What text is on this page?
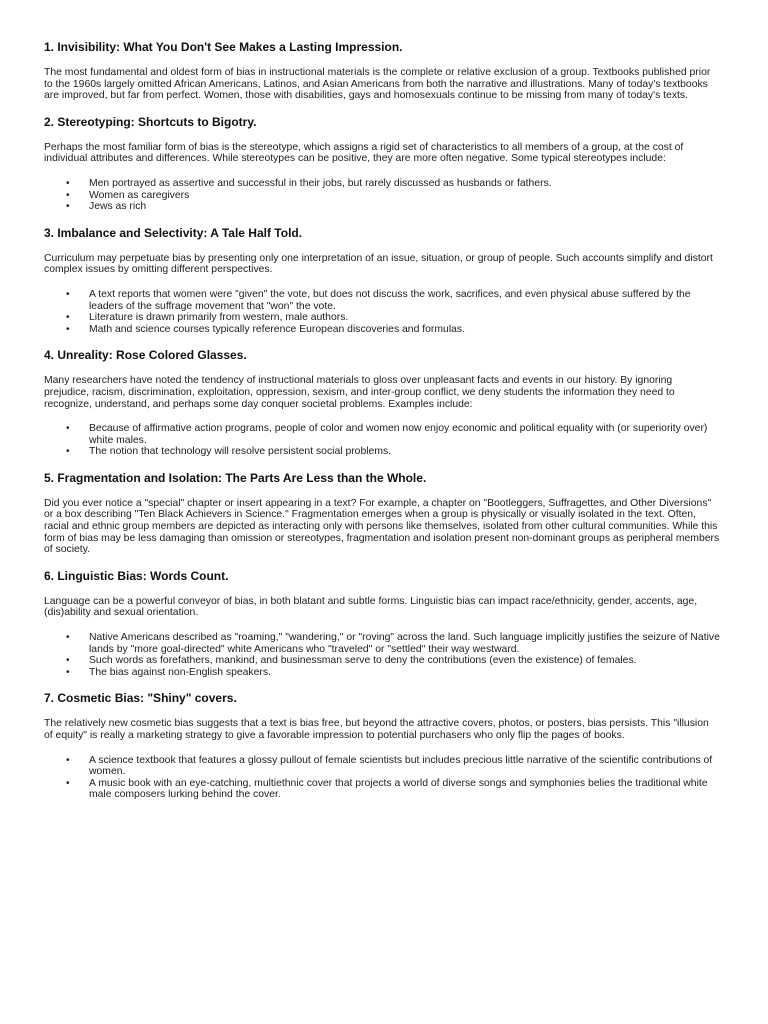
1. Invisibility: What You Don't See Makes a Lasting Impression.
The most fundamental and oldest form of bias in instructional materials is the complete or relative exclusion of a group. Textbooks published prior to the 1960s largely omitted African Americans, Latinos, and Asian Americans from both the narrative and illustrations. Many of today's textbooks are improved, but far from perfect. Women, those with disabilities, gays and homosexuals continue to be missing from many of today's texts.
2. Stereotyping: Shortcuts to Bigotry.
Perhaps the most familiar form of bias is the stereotype, which assigns a rigid set of characteristics to all members of a group, at the cost of individual attributes and differences. While stereotypes can be positive, they are more often negative. Some typical stereotypes include:
• Men portrayed as assertive and successful in their jobs, but rarely discussed as husbands or fathers.
• Women as caregivers
• Jews as rich
3. Imbalance and Selectivity: A Tale Half Told.
Curriculum may perpetuate bias by presenting only one interpretation of an issue, situation, or group of people. Such accounts simplify and distort complex issues by omitting different perspectives.
• A text reports that women were "given" the vote, but does not discuss the work, sacrifices, and even physical abuse suffered by the leaders of the suffrage movement that "won" the vote.
• Literature is drawn primarily from western, male authors.
• Math and science courses typically reference European discoveries and formulas.
4. Unreality: Rose Colored Glasses.
Many researchers have noted the tendency of instructional materials to gloss over unpleasant facts and events in our history. By ignoring prejudice, racism, discrimination, exploitation, oppression, sexism, and inter-group conflict, we deny students the information they need to recognize, understand, and perhaps some day conquer societal problems. Examples include:
• Because of affirmative action programs, people of color and women now enjoy economic and political equality with (or superiority over) white males.
• The notion that technology will resolve persistent social problems.
5. Fragmentation and Isolation: The Parts Are Less than the Whole.
Did you ever notice a "special" chapter or insert appearing in a text? For example, a chapter on "Bootleggers, Suffragettes, and Other Diversions" or a box describing "Ten Black Achievers in Science." Fragmentation emerges when a group is physically or visually isolated in the text. Often, racial and ethnic group members are depicted as interacting only with persons like themselves, isolated from other cultural communities. While this form of bias may be less damaging than omission or stereotypes, fragmentation and isolation present non-dominant groups as peripheral members of society.
6. Linguistic Bias: Words Count.
Language can be a powerful conveyor of bias, in both blatant and subtle forms. Linguistic bias can impact race/ethnicity, gender, accents, age, (dis)ability and sexual orientation.
• Native Americans described as "roaming," "wandering," or "roving" across the land. Such language implicitly justifies the seizure of Native lands by "more goal-directed" white Americans who "traveled" or "settled" their way westward.
• Such words as forefathers, mankind, and businessman serve to deny the contributions (even the existence) of females.
• The bias against non-English speakers.
7. Cosmetic Bias: "Shiny" covers.
The relatively new cosmetic bias suggests that a text is bias free, but beyond the attractive covers, photos, or posters, bias persists. This "illusion of equity" is really a marketing strategy to give a favorable impression to potential purchasers who only flip the pages of books.
• A science textbook that features a glossy pullout of female scientists but includes precious little narrative of the scientific contributions of women.
• A music book with an eye-catching, multiethnic cover that projects a world of diverse songs and symphonies belies the traditional white male composers lurking behind the cover.
